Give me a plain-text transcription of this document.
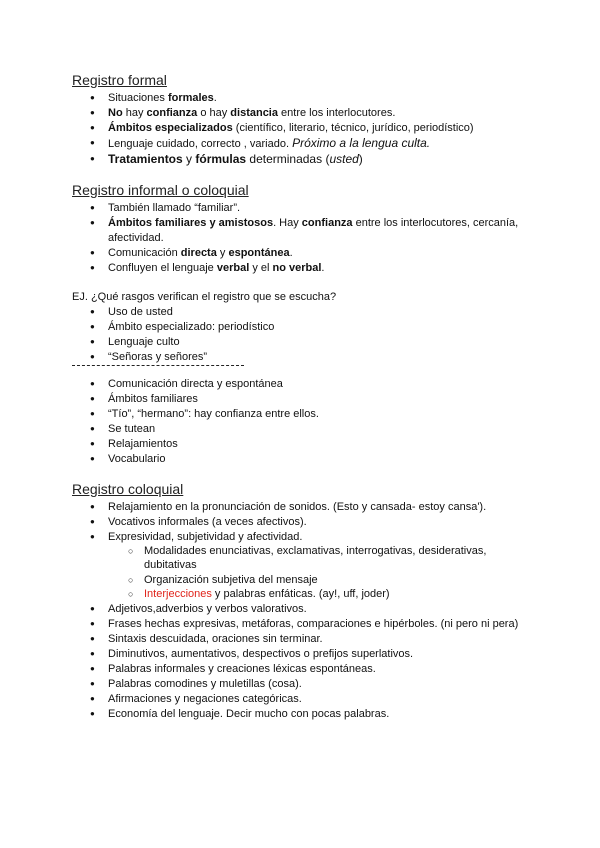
Registro formal
● Situaciones formales.
● No hay confianza o hay distancia entre los interlocutores.
● Ámbitos especializados (científico, literario, técnico, jurídico, periodístico)
● Lenguaje cuidado, correcto , variado. Próximo a la lengua culta.
● Tratamientos y fórmulas determinadas (usted)
Registro informal o coloquial
● También llamado “familiar”.
● Ámbitos familiares y amistosos. Hay confianza entre los interlocutores, cercanía,
afectividad.
● Comunicación directa y espontánea.
● Confluyen el lenguaje verbal y el no verbal.
EJ. ¿Qué rasgos verifican el registro que se escucha?
● Uso de usted
● Ámbito especializado: periodístico
● Lenguaje culto
● “Señoras y señores”
● Comunicación directa y espontánea
● Ámbitos familiares
● “Tío”, “hermano”: hay confianza entre ellos.
● Se tutean
● Relajamientos
● Vocabulario
Registro coloquial
● Relajamiento en la pronunciación de sonidos. (Esto y cansada- estoy cansa').
● Vocativos informales (a veces afectivos).
● Expresividad, subjetividad y afectividad.
○ Modalidades enunciativas, exclamativas, interrogativas, desiderativas,
dubitativas
○ Organización subjetiva del mensaje
○ Interjecciones y palabras enfáticas. (ay!, uff, joder)
● Adjetivos,adverbios y verbos valorativos.
● Frases hechas expresivas, metáforas, comparaciones e hipérboles. (ni pero ni pera)
● Sintaxis descuidada, oraciones sin terminar.
● Diminutivos, aumentativos, despectivos o prefijos superlativos.
● Palabras informales y creaciones léxicas espontáneas.
● Palabras comodines y muletillas (cosa).
● Afirmaciones y negaciones categóricas.
● Economía del lenguaje. Decir mucho con pocas palabras.
